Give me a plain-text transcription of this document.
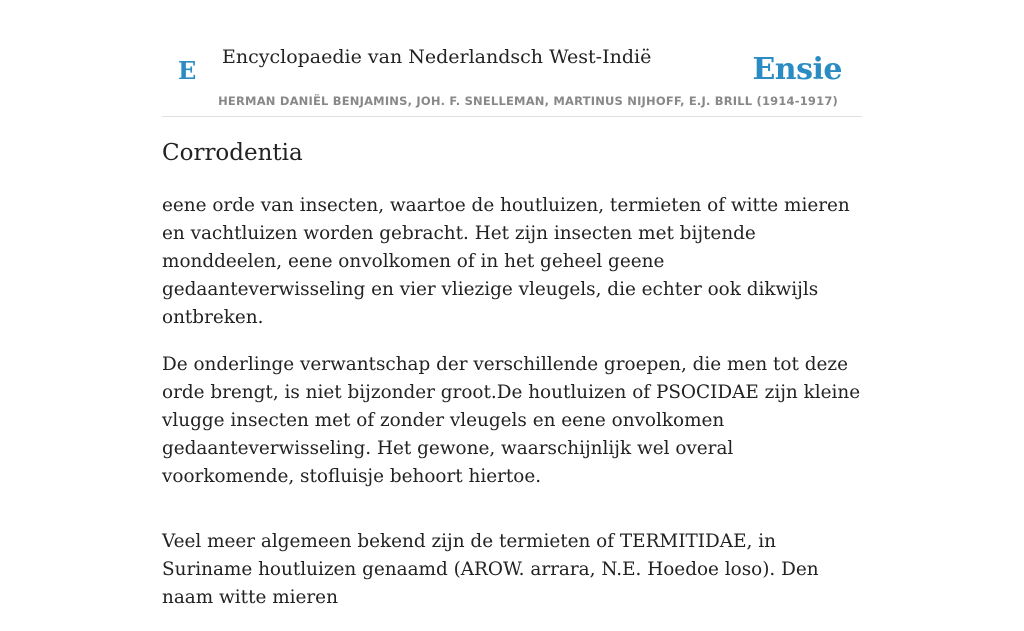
E Encyclopaedie van Nederlandsch West-Indië	Ensie
HERMAN DANIËL BENJAMINS, JOH. F. SNELLEMAN, MARTINUS NIJHOFF, E.J. BRILL (1914-1917)
Corrodentia

eene orde van insecten, waartoe de houtluizen, termieten of witte mieren en vachtluizen worden gebracht. Het zijn insecten met bijtende monddeelen, eene onvolkomen of in het geheel geene gedaanteverwisseling en vier vliezige vleugels, die echter ook dikwijls ontbreken.

De onderlinge verwantschap der verschillende groepen, die men tot deze orde brengt, is niet bijzonder groot.De houtluizen of PSOCIDAE zijn kleine vlugge insecten met of zonder vleugels en eene onvolkomen gedaanteverwisseling. Het gewone, waarschijnlijk wel overal voorkomende, stofluisje behoort hiertoe.

Veel meer algemeen bekend zijn de termieten of TERMITIDAE, in Suriname houtluizen genaamd (AROW. arrara, N.E. Hoedoe loso). Den naam witte mieren
